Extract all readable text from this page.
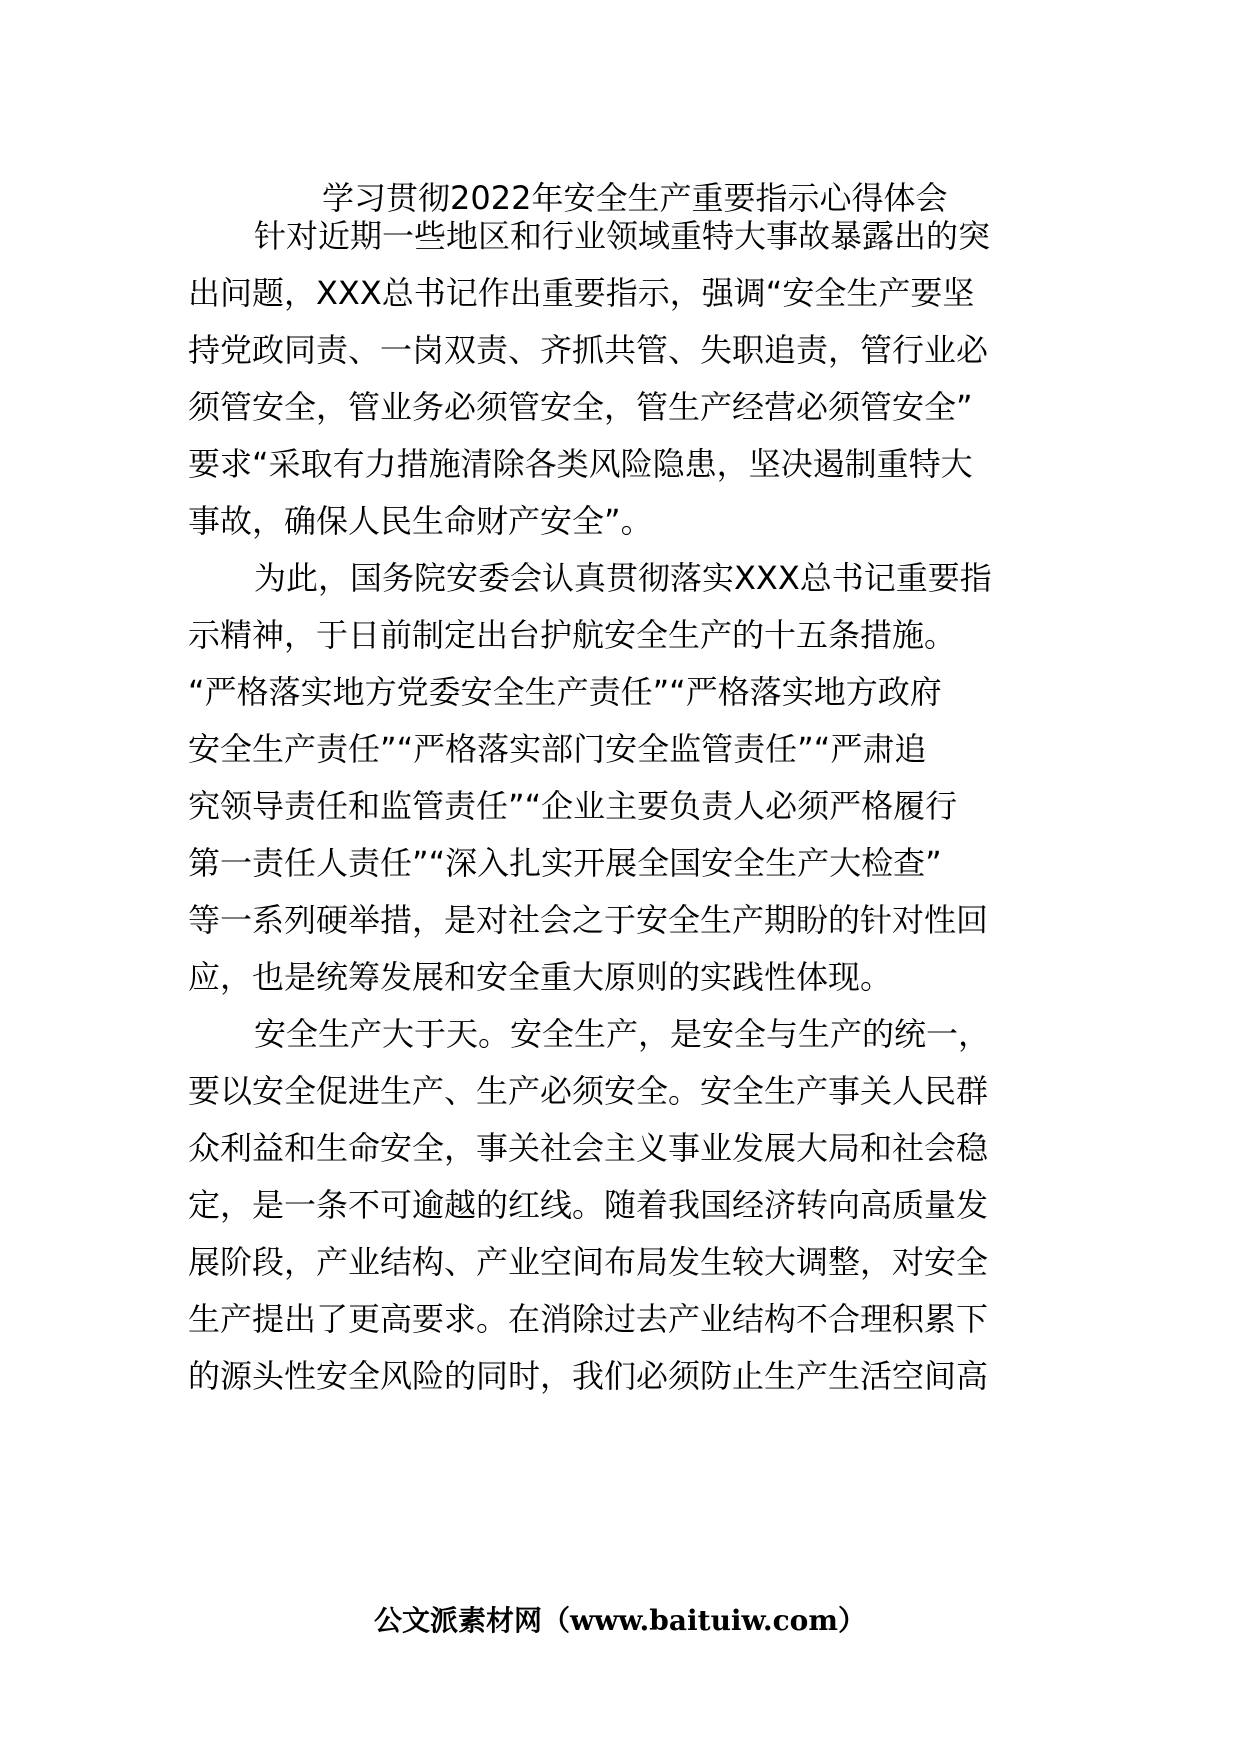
学习贯彻2022年安全生产重要指示心得体会
针对近期一些地区和行业领域重特大事故暴露出的突
出问题，XXX总书记作出重要指示，强调“安全生产要坚
持党政同责、一岗双责、齐抓共管、失职追责，管行业必
须管安全，管业务必须管安全，管生产经营必须管安全”
要求“采取有力措施清除各类风险隐患，坚决遏制重特大
事故，确保人民生命财产安全”。
为此，国务院安委会认真贯彻落实XXX总书记重要指
示精神，于日前制定出台护航安全生产的十五条措施。
“严格落实地方党委安全生产责任”“严格落实地方政府
安全生产责任”“严格落实部门安全监管责任”“严肃追
究领导责任和监管责任”“企业主要负责人必须严格履行
第一责任人责任”“深入扎实开展全国安全生产大检查”
等一系列硬举措，是对社会之于安全生产期盼的针对性回
应，也是统筹发展和安全重大原则的实践性体现。
安全生产大于天。安全生产，是安全与生产的统一，
要以安全促进生产、生产必须安全。安全生产事关人民群
众利益和生命安全，事关社会主义事业发展大局和社会稳
定，是一条不可逾越的红线。随着我国经济转向高质量发
展阶段，产业结构、产业空间布局发生较大调整，对安全
生产提出了更高要求。在消除过去产业结构不合理积累下
的源头性安全风险的同时，我们必须防止生产生活空间高
公文派素材网（www.baituiw.com）
